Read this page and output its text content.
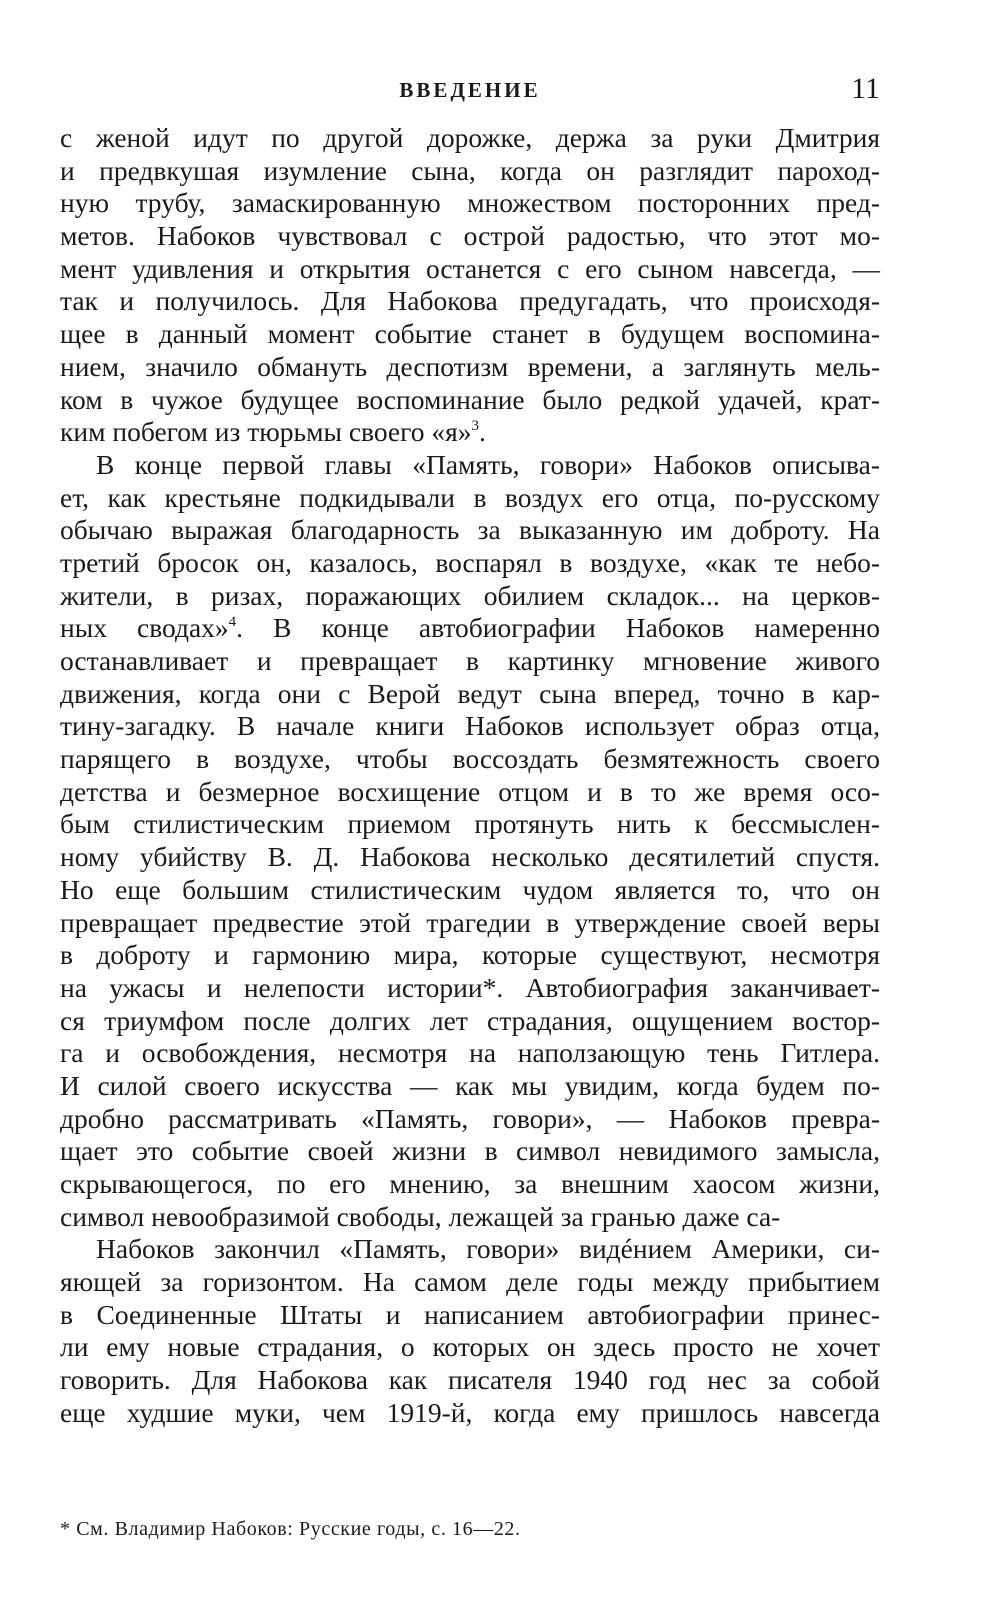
ВВЕДЕНИЕ	11
с женой идут по другой дорожке, держа за руки Дмитрия
и предвкушая изумление сына, когда он разглядит пароход-
ную трубу, замаскированную множеством посторонних пред-
метов. Набоков чувствовал с острой радостью, что этот мо-
мент удивления и открытия останется с его сыном навсегда, —
так и получилось. Для Набокова предугадать, что происходя-
щее в данный момент событие станет в будущем воспомина-
нием, значило обмануть деспотизм времени, а заглянуть мель-
ком в чужое будущее воспоминание было редкой удачей, крат-
ким побегом из тюрьмы своего «я»$^3$.
В конце первой главы «Память, говори» Набоков описыва-
ет, как крестьяне подкидывали в воздух его отца, по-русскому
обычаю выражая благодарность за выказанную им доброту. На
третий бросок он, казалось, воспарял в воздухе, «как те небо-
жители, в ризах, поражающих обилием складок... на церков-
ных сводах»$^4$. В конце автобиографии Набоков намеренно
останавливает и превращает в картинку мгновение живого
движения, когда они с Верой ведут сына вперед, точно в кар-
тину-загадку. В начале книги Набоков использует образ отца,
парящего в воздухе, чтобы воссоздать безмятежность своего
детства и безмерное восхищение отцом и в то же время осо-
бым стилистическим приемом протянуть нить к бессмыслен-
ному убийству В. Д. Набокова несколько десятилетий спустя.
Но еще большим стилистическим чудом является то, что он
превращает предвестие этой трагедии в утверждение своей веры
в доброту и гармонию мира, которые существуют, несмотря
на ужасы и нелепости истории*. Автобиография заканчивает-
ся триумфом после долгих лет страдания, ощущением востор-
га и освобождения, несмотря на наползающую тень Гитлера.
И силой своего искусства — как мы увидим, когда будем по-
дробно рассматривать «Память, говори», — Набоков превра-
щает это событие своей жизни в символ невидимого замысла,
скрывающегося, по его мнению, за внешним хаосом жизни,
символ невообразимой свободы, лежащей за гранью даже са-
Набоков закончил «Память, говори» видéнием Америки, си-
яющей за горизонтом. На самом деле годы между прибытием
в Соединенные Штаты и написанием автобиографии принес-
ли ему новые страдания, о которых он здесь просто не хочет
говорить. Для Набокова как писателя 1940 год нес за собой
еще худшие муки, чем 1919-й, когда ему пришлось навсегда
* См. Владимир Набоков: Русские годы, с. 16—22.
